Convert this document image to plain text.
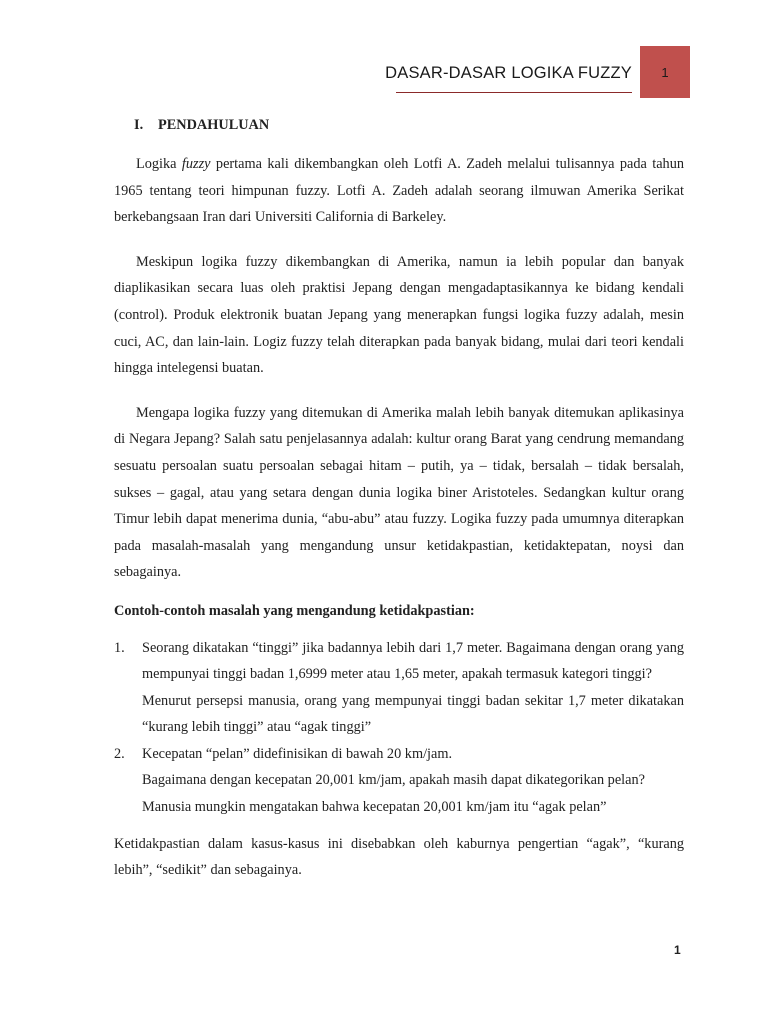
DASAR-DASAR LOGIKA FUZZY	1
I. PENDAHULUAN

Logika fuzzy pertama kali dikembangkan oleh Lotfi A. Zadeh melalui tulisannya pada tahun 1965 tentang teori himpunan fuzzy. Lotfi A. Zadeh adalah seorang ilmuwan Amerika Serikat berkebangsaan Iran dari Universiti California di Barkeley.

Meskipun logika fuzzy dikembangkan di Amerika, namun ia lebih popular dan banyak diaplikasikan secara luas oleh praktisi Jepang dengan mengadaptasikannya ke bidang kendali (control). Produk elektronik buatan Jepang yang menerapkan fungsi logika fuzzy adalah, mesin cuci, AC, dan lain-lain. Logiz fuzzy telah diterapkan pada banyak bidang, mulai dari teori kendali hingga intelegensi buatan.

Mengapa logika fuzzy yang ditemukan di Amerika malah lebih banyak ditemukan aplikasinya di Negara Jepang? Salah satu penjelasannya adalah: kultur orang Barat yang cendrung memandang sesuatu persoalan suatu persoalan sebagai hitam – putih, ya – tidak, bersalah – tidak bersalah, sukses – gagal, atau yang setara dengan dunia logika biner Aristoteles. Sedangkan kultur orang Timur lebih dapat menerima dunia, “abu-abu” atau fuzzy. Logika fuzzy pada umumnya diterapkan pada masalah-masalah yang mengandung unsur ketidakpastian, ketidaktepatan, noysi dan sebagainya.

Contoh-contoh masalah yang mengandung ketidakpastian:
1. Seorang dikatakan “tinggi” jika badannya lebih dari 1,7 meter. Bagaimana dengan orang yang mempunyai tinggi badan 1,6999 meter atau 1,65 meter, apakah termasuk kategori tinggi?
Menurut persepsi manusia, orang yang mempunyai tinggi badan sekitar 1,7 meter dikatakan “kurang lebih tinggi” atau “agak tinggi”
2. Kecepatan “pelan” didefinisikan di bawah 20 km/jam.
Bagaimana dengan kecepatan 20,001 km/jam, apakah masih dapat dikategorikan pelan?
Manusia mungkin mengatakan bahwa kecepatan 20,001 km/jam itu “agak pelan”

Ketidakpastian dalam kasus-kasus ini disebabkan oleh kaburnya pengertian “agak”, “kurang lebih”, “sedikit” dan sebagainya.

1
